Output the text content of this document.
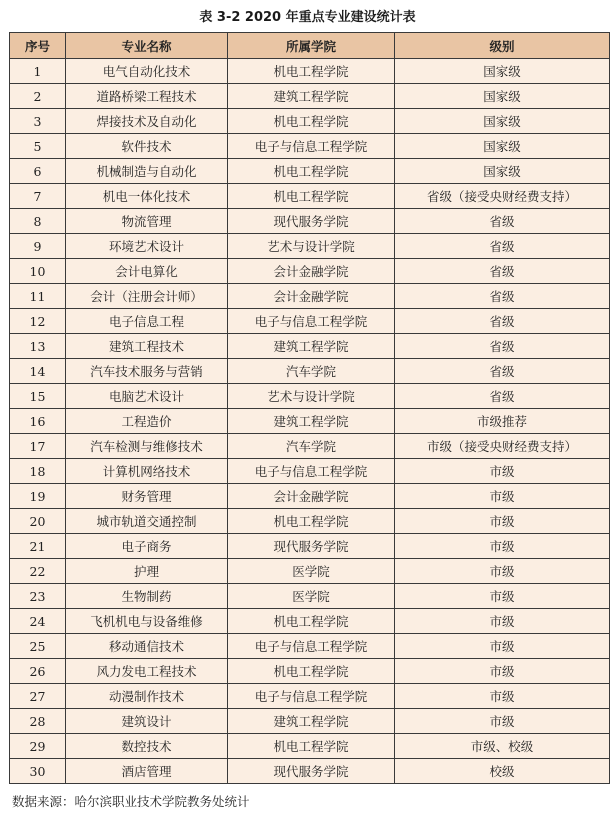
表 3-2 2020 年重点专业建设统计表
序号	专业名称	所属学院	级别
1	电气自动化技术	机电工程学院	国家级
2	道路桥梁工程技术	建筑工程学院	国家级
3	焊接技术及自动化	机电工程学院	国家级
5	软件技术	电子与信息工程学院	国家级
6	机械制造与自动化	机电工程学院	国家级
7	机电一体化技术	机电工程学院	省级（接受央财经费支持）
8	物流管理	现代服务学院	省级
9	环境艺术设计	艺术与设计学院	省级
10	会计电算化	会计金融学院	省级
11	会计（注册会计师）	会计金融学院	省级
12	电子信息工程	电子与信息工程学院	省级
13	建筑工程技术	建筑工程学院	省级
14	汽车技术服务与营销	汽车学院	省级
15	电脑艺术设计	艺术与设计学院	省级
16	工程造价	建筑工程学院	市级推荐
17	汽车检测与维修技术	汽车学院	市级（接受央财经费支持）
18	计算机网络技术	电子与信息工程学院	市级
19	财务管理	会计金融学院	市级
20	城市轨道交通控制	机电工程学院	市级
21	电子商务	现代服务学院	市级
22	护理	医学院	市级
23	生物制药	医学院	市级
24	飞机机电与设备维修	机电工程学院	市级
25	移动通信技术	电子与信息工程学院	市级
26	风力发电工程技术	机电工程学院	市级
27	动漫制作技术	电子与信息工程学院	市级
28	建筑设计	建筑工程学院	市级
29	数控技术	机电工程学院	市级、校级
30	酒店管理	现代服务学院	校级
数据来源：哈尔滨职业技术学院教务处统计
